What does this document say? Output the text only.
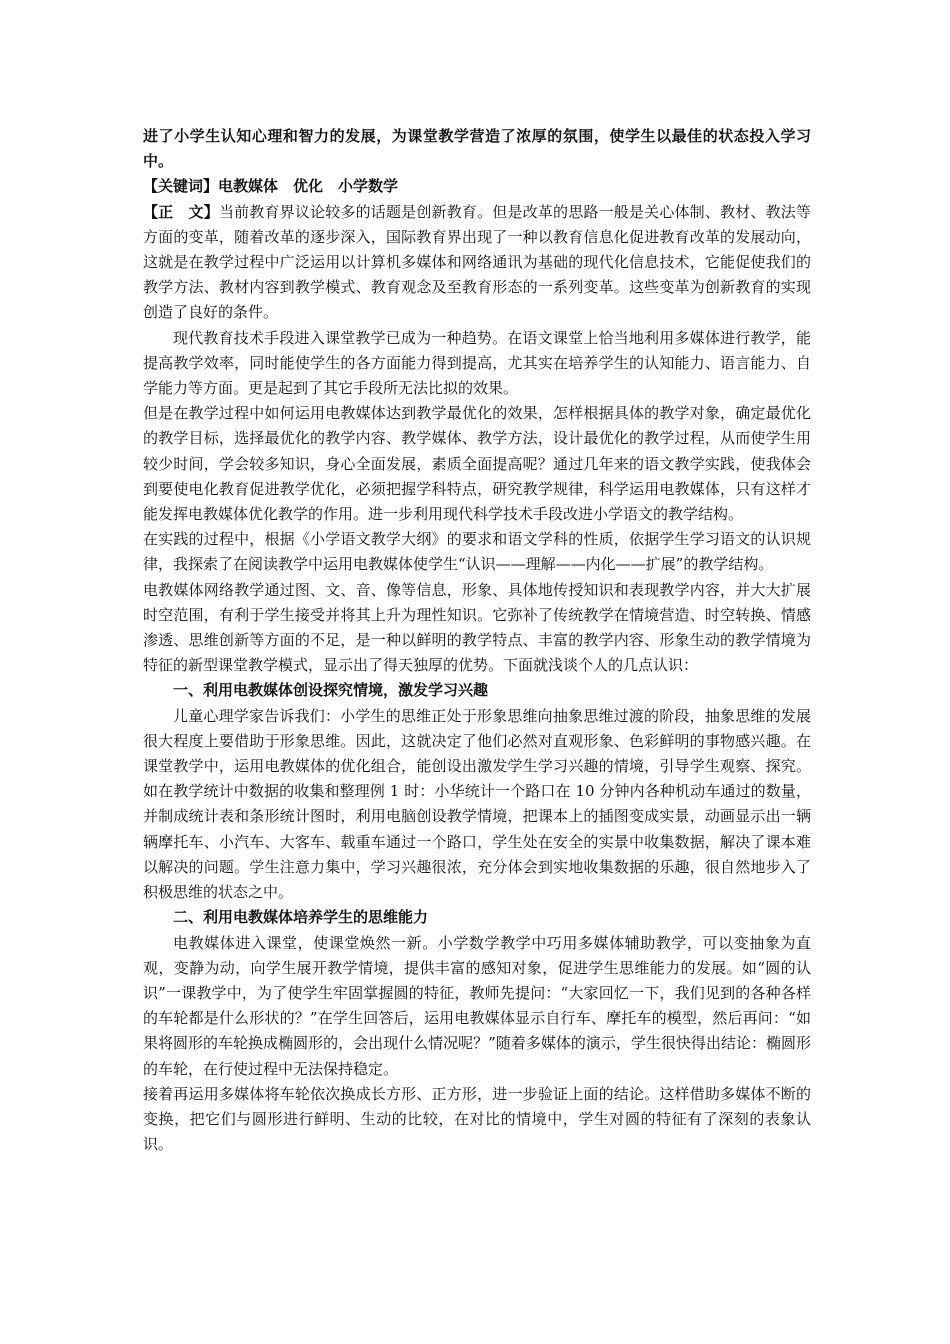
进了小学生认知心理和智力的发展，为课堂教学营造了浓厚的氛围，使学生以最佳的状态投入学习中。

【关键词】电教媒体　优化　小学数学

【正　文】当前教育界议论较多的话题是创新教育。但是改革的思路一般是关心体制、教材、教法等方面的变革，随着改革的逐步深入，国际教育界出现了一种以教育信息化促进教育改革的发展动向，这就是在教学过程中广泛运用以计算机多媒体和网络通讯为基础的现代化信息技术，它能促使我们的教学方法、教材内容到教学模式、教育观念及至教育形态的一系列变革。这些变革为创新教育的实现创造了良好的条件。

现代教育技术手段进入课堂教学已成为一种趋势。在语文课堂上恰当地利用多媒体进行教学，能提高教学效率，同时能使学生的各方面能力得到提高，尤其实在培养学生的认知能力、语言能力、自学能力等方面。更是起到了其它手段所无法比拟的效果。

但是在教学过程中如何运用电教媒体达到教学最优化的效果，怎样根据具体的教学对象，确定最优化的教学目标，选择最优化的教学内容、教学媒体、教学方法，设计最优化的教学过程，从而使学生用较少时间，学会较多知识，身心全面发展，素质全面提高呢？通过几年来的语文教学实践，使我体会到要使电化教育促进教学优化，必须把握学科特点，研究教学规律，科学运用电教媒体，只有这样才能发挥电教媒体优化教学的作用。进一步利用现代科学技术手段改进小学语文的教学结构。

在实践的过程中，根据《小学语文教学大纲》的要求和语文学科的性质，依据学生学习语文的认识规律，我探索了在阅读教学中运用电教媒体使学生“认识——理解——内化——扩展”的教学结构。

电教媒体网络教学通过图、文、音、像等信息，形象、具体地传授知识和表现教学内容，并大大扩展时空范围，有利于学生接受并将其上升为理性知识。它弥补了传统教学在情境营造、时空转换、情感渗透、思维创新等方面的不足，是一种以鲜明的教学特点、丰富的教学内容、形象生动的教学情境为特征的新型课堂教学模式，显示出了得天独厚的优势。下面就浅谈个人的几点认识：

一、利用电教媒体创设探究情境，激发学习兴趣

儿童心理学家告诉我们：小学生的思维正处于形象思维向抽象思维过渡的阶段，抽象思维的发展很大程度上要借助于形象思维。因此，这就决定了他们必然对直观形象、色彩鲜明的事物感兴趣。在课堂教学中，运用电教媒体的优化组合，能创设出激发学生学习兴趣的情境，引导学生观察、探究。 如在教学统计中数据的收集和整理例 1 时：小华统计一个路口在 10 分钟内各种机动车通过的数量，并制成统计表和条形统计图时，利用电脑创设教学情境，把课本上的插图变成实景，动画显示出一辆辆摩托车、小汽车、大客车、载重车通过一个路口，学生处在安全的实景中收集数据，解决了课本难以解决的问题。学生注意力集中，学习兴趣很浓，充分体会到实地收集数据的乐趣，很自然地步入了积极思维的状态之中。

二、利用电教媒体培养学生的思维能力

电教媒体进入课堂，使课堂焕然一新。小学数学教学中巧用多媒体辅助教学，可以变抽象为直观，变静为动，向学生展开教学情境，提供丰富的感知对象，促进学生思维能力的发展。如“圆的认识”一课教学中，为了使学生牢固掌握圆的特征，教师先提问：“大家回忆一下，我们见到的各种各样的车轮都是什么形状的？”在学生回答后，运用电教媒体显示自行车、摩托车的模型，然后再问：“如果将圆形的车轮换成椭圆形的，会出现什么情况呢？”随着多媒体的演示，学生很快得出结论：椭圆形的车轮，在行使过程中无法保持稳定。

接着再运用多媒体将车轮依次换成长方形、正方形，进一步验证上面的结论。这样借助多媒体不断的变换，把它们与圆形进行鲜明、生动的比较，在对比的情境中，学生对圆的特征有了深刻的表象认识。
